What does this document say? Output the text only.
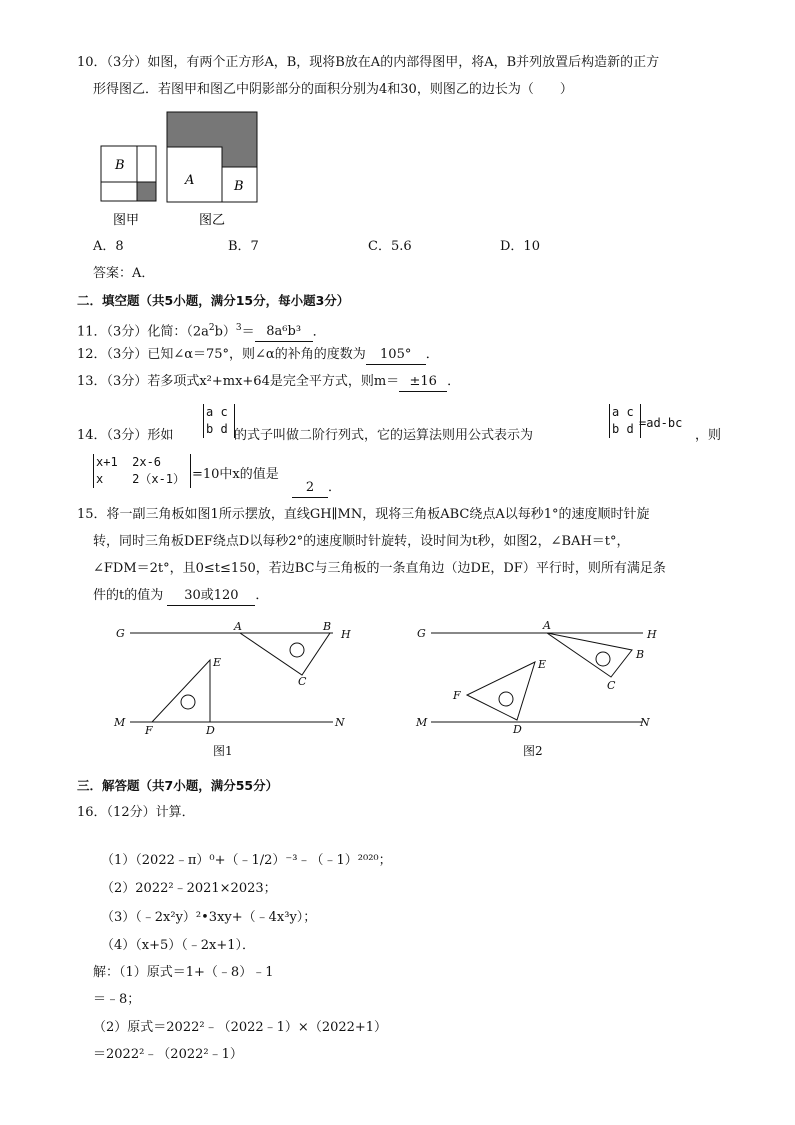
10．（3分）如图，有两个正方形A，B，现将B放在A的内部得图甲，将A，B并列放置后构造新的正方
形得图乙．若图甲和图乙中阴影部分的面积分别为4和30，则图乙的边长为（　　）
B
A	B
图甲	图乙
A．8	B．7	C．5.6	D．10
答案：A．
二．填空题（共5小题，满分15分，每小题3分）
11．（3分）化简：$(2a^2b)^3= 8a^6b^3$ ．
12．（3分）已知∠α＝75°，则∠α的补角的度数为 105° ．
13．（3分）若多项式x²+mx+64是完全平方式，则m＝ ±16 ．
14．（3分）形如
a c
b d 的式子叫做二阶行列式，它的运算法则用公式表示为
a c
b d =ad-bc
，则
x+1  2x-6
x    2（x-1） =10中x的值是
2 ．
15．将一副三角板如图1所示摆放，直线GH∥MN，现将三角板ABC绕点A以每秒1°的速度顺时针旋
转，同时三角板DEF绕点D以每秒2°的速度顺时针旋转，设时间为t秒，如图2，∠BAH＝t°，
∠FDM＝2t°，且0≤t≤150，若边BC与三角板的一条直角边（边DE，DF）平行时，则所有满足条
件的t的值为 30或120 ．
G
A	B
H
E
C
M
F	D
N
图1
G
A
H
E
B
F
C
M
D
N
图2
三．解答题（共7小题，满分55分）
16．（12分）计算．
（1）（2022﹣π）⁰+（﹣1/2）⁻³﹣（﹣1）²⁰²⁰；
（2）2022²﹣2021×2023；
（3）（﹣2x²y）²•3xy+（﹣4x³y）；
（4）（x+5）（﹣2x+1）．
解：（1）原式＝1+（﹣8）﹣1
＝﹣8；
（2）原式＝2022²﹣（2022﹣1）×（2022+1）
＝2022²﹣（2022²﹣1）
